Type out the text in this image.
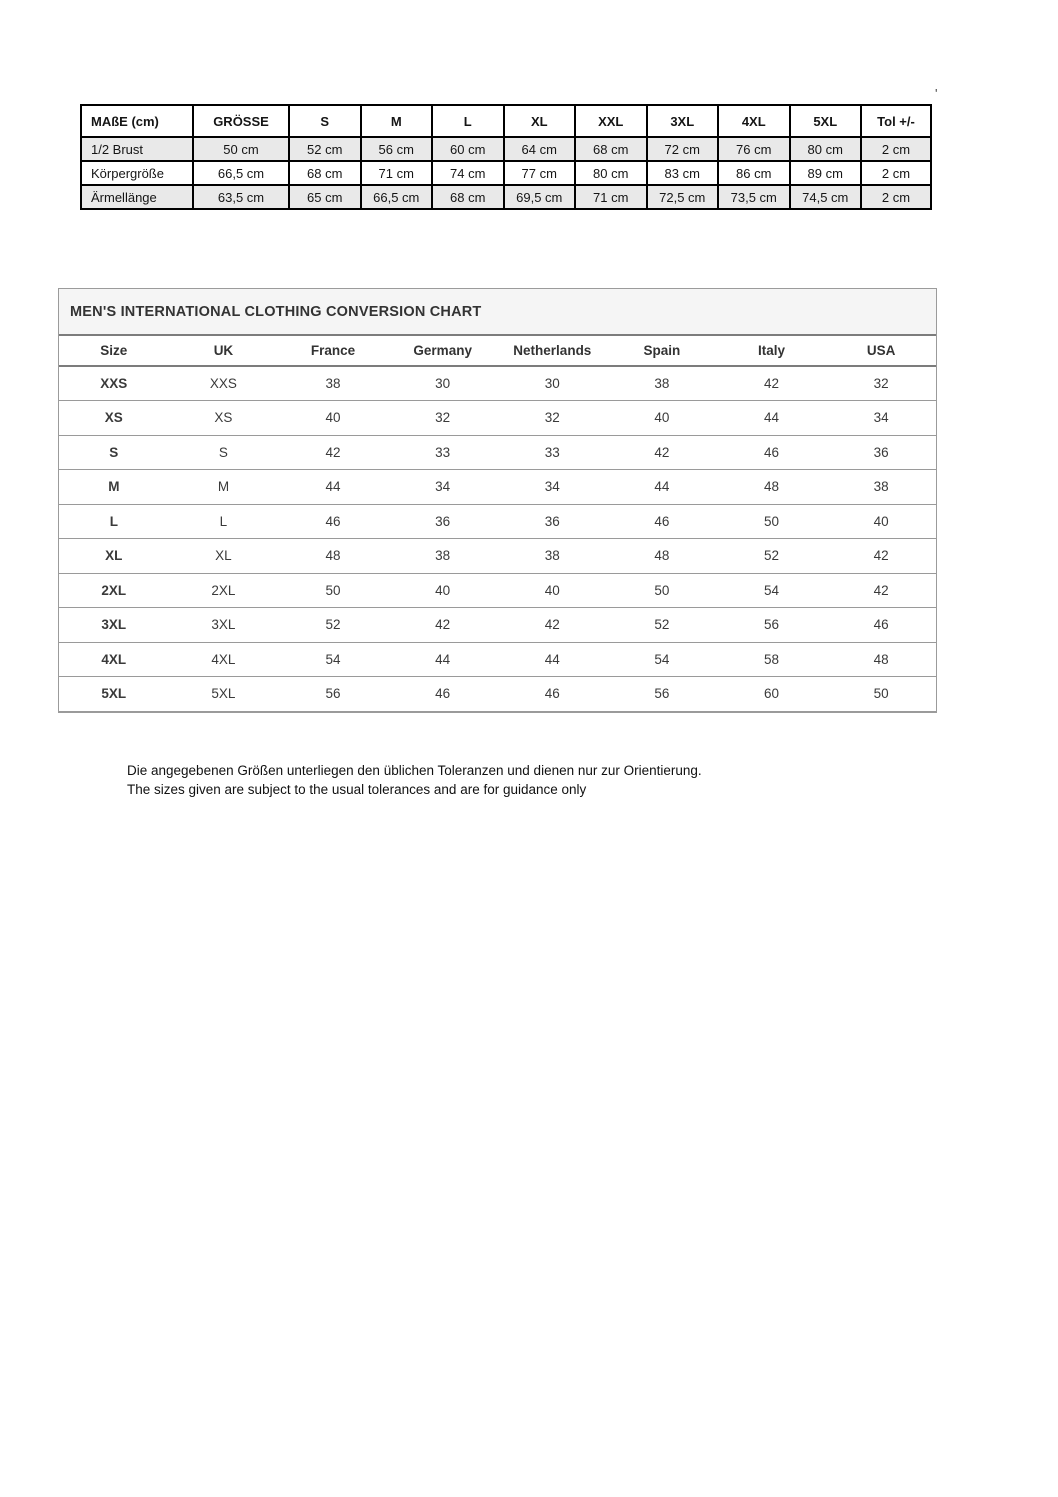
'
MAßE (cm)	GRÖSSE	S	M	L	XL	XXL	3XL	4XL	5XL	Tol +/-
1/2 Brust	50 cm	52 cm	56 cm	60 cm	64 cm	68 cm	72 cm	76 cm	80 cm	2 cm
Körpergröße	66,5 cm	68 cm	71 cm	74 cm	77 cm	80 cm	83 cm	86 cm	89 cm	2 cm
Ärmellänge	63,5 cm	65 cm	66,5 cm	68 cm	69,5 cm	71 cm	72,5 cm	73,5 cm	74,5 cm	2 cm
MEN'S INTERNATIONAL CLOTHING CONVERSION CHART
Size	UK	France	Germany	Netherlands	Spain	Italy	USA
XXS	XXS	38	30	30	38	42	32
XS	XS	40	32	32	40	44	34
S	S	42	33	33	42	46	36
M	M	44	34	34	44	48	38
L	L	46	36	36	46	50	40
XL	XL	48	38	38	48	52	42
2XL	2XL	50	40	40	50	54	42
3XL	3XL	52	42	42	52	56	46
4XL	4XL	54	44	44	54	58	48
5XL	5XL	56	46	46	56	60	50
Die angegebenen Größen unterliegen den üblichen Toleranzen und dienen nur zur Orientierung.
The sizes given are subject to the usual tolerances and are for guidance only
